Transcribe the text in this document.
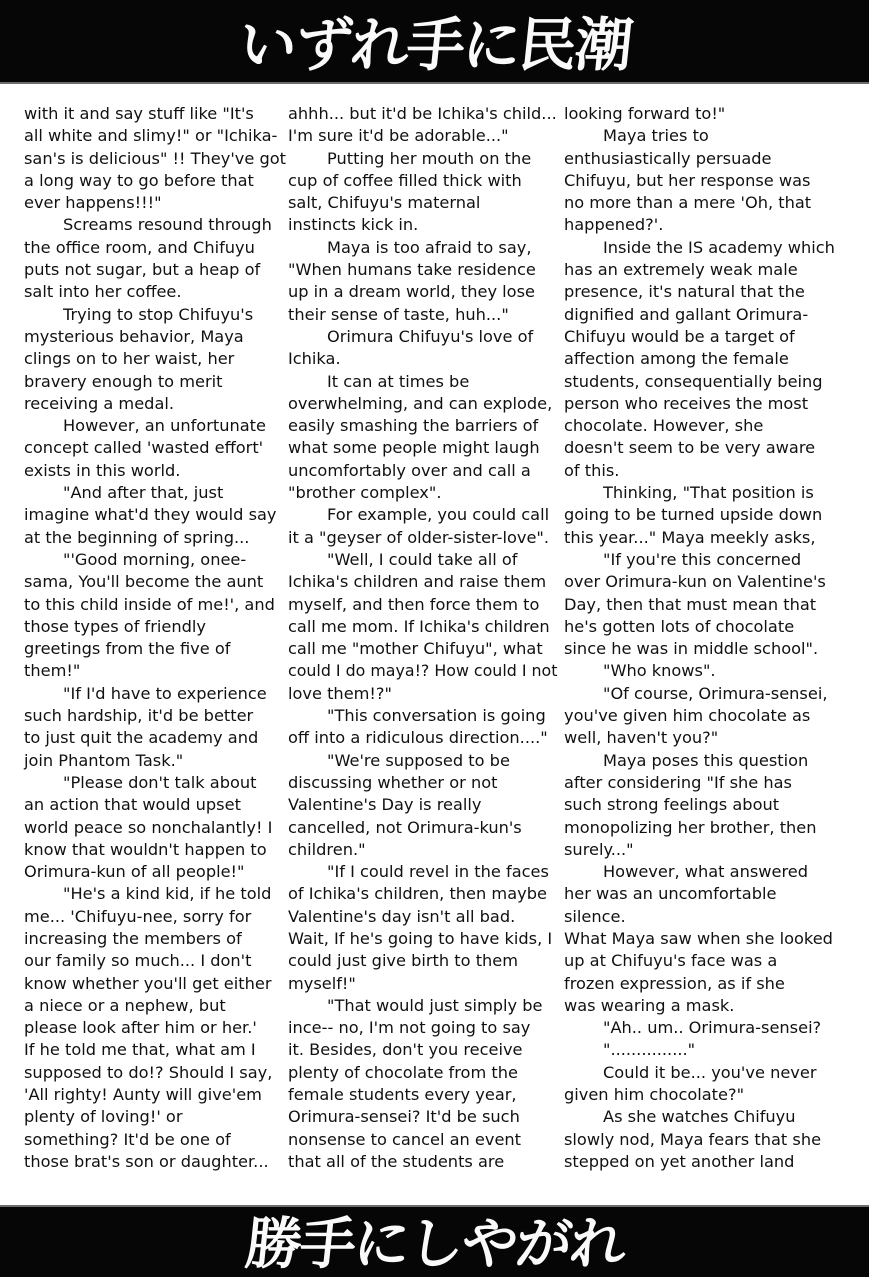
いずれ手に民潮
with it and say stuff like "It's
all white and slimy!" or "Ichika-
san's is delicious" !! They've got
a long way to go before that
ever happens!!!"
Screams resound through
the office room, and Chifuyu
puts not sugar, but a heap of
salt into her coffee.
Trying to stop Chifuyu's
mysterious behavior, Maya
clings on to her waist, her
bravery enough to merit
receiving a medal.
However, an unfortunate
concept called 'wasted effort'
exists in this world.
"And after that, just
imagine what'd they would say
at the beginning of spring...
"'Good morning, onee-
sama, You'll become the aunt
to this child inside of me!', and
those types of friendly
greetings from the five of
them!"
"If I'd have to experience
such hardship, it'd be better
to just quit the academy and
join Phantom Task."
"Please don't talk about
an action that would upset
world peace so nonchalantly! I
know that wouldn't happen to
Orimura-kun of all people!"
"He's a kind kid, if he told
me... 'Chifuyu-nee, sorry for
increasing the members of
our family so much... I don't
know whether you'll get either
a niece or a nephew, but
please look after him or her.'
If he told me that, what am I
supposed to do!? Should I say,
'All righty! Aunty will give'em
plenty of loving!' or
something? It'd be one of
those brat's son or daughter...
ahhh... but it'd be Ichika's child...
I'm sure it'd be adorable..."
Putting her mouth on the
cup of coffee filled thick with
salt, Chifuyu's maternal
instincts kick in.
Maya is too afraid to say,
"When humans take residence
up in a dream world, they lose
their sense of taste, huh..."
Orimura Chifuyu's love of
Ichika.
It can at times be
overwhelming, and can explode,
easily smashing the barriers of
what some people might laugh
uncomfortably over and call a
"brother complex".
For example, you could call
it a "geyser of older-sister-love".
"Well, I could take all of
Ichika's children and raise them
myself, and then force them to
call me mom. If Ichika's children
call me "mother Chifuyu", what
could I do maya!? How could I not
love them!?"
"This conversation is going
off into a ridiculous direction...."
"We're supposed to be
discussing whether or not
Valentine's Day is really
cancelled, not Orimura-kun's
children."
"If I could revel in the faces
of Ichika's children, then maybe
Valentine's day isn't all bad.
Wait, If he's going to have kids, I
could just give birth to them
myself!"
"That would just simply be
ince-- no, I'm not going to say
it. Besides, don't you receive
plenty of chocolate from the
female students every year,
Orimura-sensei? It'd be such
nonsense to cancel an event
that all of the students are
looking forward to!"
Maya tries to
enthusiastically persuade
Chifuyu, but her response was
no more than a mere 'Oh, that
happened?'.
Inside the IS academy which
has an extremely weak male
presence, it's natural that the
dignified and gallant Orimura-
Chifuyu would be a target of
affection among the female
students, consequentially being
person who receives the most
chocolate. However, she
doesn't seem to be very aware
of this.
Thinking, "That position is
going to be turned upside down
this year..." Maya meekly asks,
"If you're this concerned
over Orimura-kun on Valentine's
Day, then that must mean that
he's gotten lots of chocolate
since he was in middle school".
"Who knows".
"Of course, Orimura-sensei,
you've given him chocolate as
well, haven't you?"
Maya poses this question
after considering "If she has
such strong feelings about
monopolizing her brother, then
surely..."
However, what answered
her was an uncomfortable
silence.
What Maya saw when she looked
up at Chifuyu's face was a
frozen expression, as if she
was wearing a mask.
"Ah.. um.. Orimura-sensei?
"..............."
Could it be... you've never
given him chocolate?"
As she watches Chifuyu
slowly nod, Maya fears that she
stepped on yet another land
勝手にしやがれ
